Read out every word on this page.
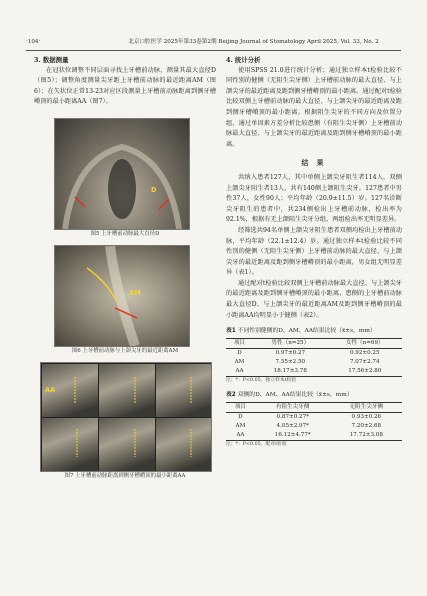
·104·	北京口腔医学 2025年第33卷第2期 Beijing Journal of Stomatology April 2025, Vol. 33, No. 2
3. 数据测量

在冠状位调整不同层面寻找上牙槽前动脉，测量其最大直径D（图5）；调整角度测量尖牙距上牙槽前动脉的最近距离AM（图6）；在矢状位正常13-23对应区段测量上牙槽前动脉距离到侧牙槽嵴顶的最小距离AA（图7）。

D
图5 上牙槽前动脉最大直径D
AM
图6 上牙槽前动脉与上颌尖牙的最近距离AM
AA
图7 上牙槽前动脉距离到侧牙槽嵴顶的最小距离AA
4. 统计分析

使用SPSS 21.0进行统计分析；通过独立样本t检验比较不同性别的健侧（无阻生尖牙侧）上牙槽前动脉的最大直径、与上颌尖牙的最近距离及距到侧牙槽嵴顶的最小距离。通过配对t检验比较双侧上牙槽前动脉的最大直径、与上颌尖牙的最近距离及距到侧牙槽嵴顶的最小距离。根据阻生尖牙的不同方向及位置分组，通过单因素方差分析比较患侧（有阻生尖牙侧）上牙槽前动脉最大直径、与上颌尖牙的最近距离及距到侧牙槽嵴顶的最小距离。

结 果

共纳入患者127人，其中单侧上颌尖牙阻生者114人，双侧上颌尖牙阻生者13人，共有140侧上颌阻生尖牙。127患者中男性37人，女性90人；平均年龄（20.9±11.5）岁。127名诊断尖牙阻生的患者中，共234侧检出上牙槽前动脉，检出率为92.1%，根据有无上颌阻生尖牙分组，两组检出率无明显差异。

经筛选共94名单侧上颌尖牙阻生患者双侧均检出上牙槽前动脉，平均年龄（22.1±12.4）岁。通过独立样本t检验比较不同性别的健侧（无阻生尖牙侧）上牙槽前动脉的最大直径、与上颌尖牙的最近距离及距到侧牙槽嵴顶的最小距离，男女组无明显差异（表1）。

通过配对t检验比较双侧上牙槽前动脉最大直径、与上颌尖牙的最近距离及距到侧牙槽嵴顶的最小距离，患侧的上牙槽前动脉最大直径D、与上颌尖牙的最近距离AM及距到侧牙槽嵴顶的最小距离AA均明显小于健侧（表2）。

表1 不同性别健侧的D、AM、AA结果比较（x̄±s，mm）
项目	男性（n=25）	女性（n=69）
D	0.97±0.27	0.92±0.25
AM	7.55±2.50	7.07±2.74
AA	18.17±3.78	17.56±2.80
注：*：P<0.05，独立样本t检验
表2 双侧的D、AM、AA结果比较（x̄±s，mm）
项目	有阻生尖牙侧	无阻生尖牙侧
D	0.87±0.27*	0.93±0.26
AM	4.05±2.97*	7.20±2.68
AA	16.12±4.77*	17.72±3.08
注：*：P<0.05，配对t检验
